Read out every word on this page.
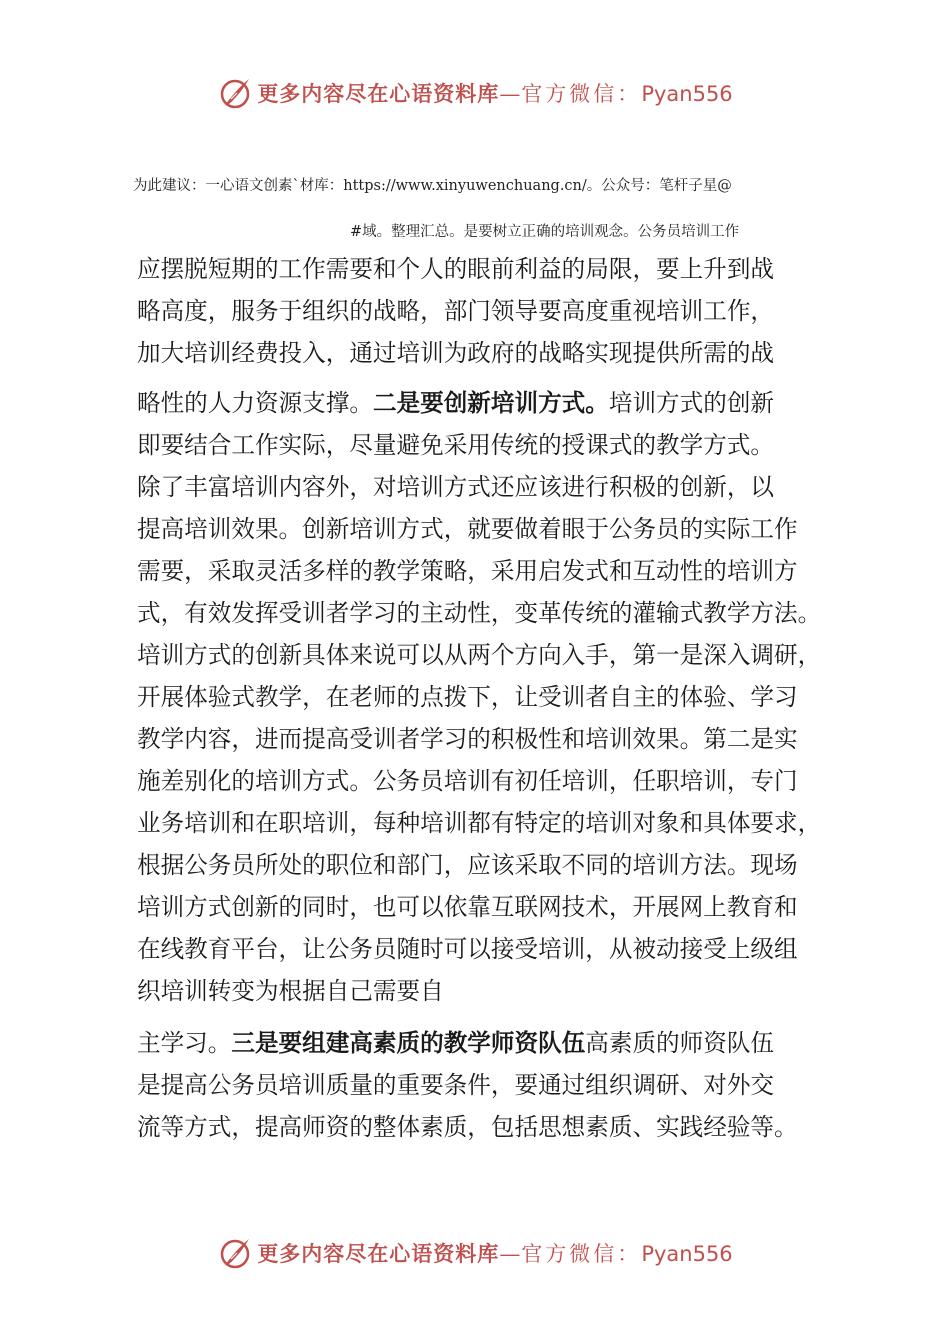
更多内容尽在心语资料库—官方微信：Pyan556
为此建议：一心语文创素`材库：https://www.xinyuwenchuang.cn/。公众号：笔杆子星@
#域。整理汇总。是要树立正确的培训观念。公务员培训工作
应摆脱短期的工作需要和个人的眼前利益的局限，要上升到战
略高度，服务于组织的战略，部门领导要高度重视培训工作，
加大培训经费投入，通过培训为政府的战略实现提供所需的战
略性的人力资源支撑。二是要创新培训方式。培训方式的创新
即要结合工作实际，尽量避免采用传统的授课式的教学方式。
除了丰富培训内容外，对培训方式还应该进行积极的创新，以
提高培训效果。创新培训方式，就要做着眼于公务员的实际工作
需要，采取灵活多样的教学策略，采用启发式和互动性的培训方
式，有效发挥受训者学习的主动性，变革传统的灌输式教学方法。
培训方式的创新具体来说可以从两个方向入手，第一是深入调研，
开展体验式教学，在老师的点拨下，让受训者自主的体验、学习
教学内容，进而提高受训者学习的积极性和培训效果。第二是实
施差别化的培训方式。公务员培训有初任培训，任职培训，专门
业务培训和在职培训，每种培训都有特定的培训对象和具体要求，
根据公务员所处的职位和部门，应该采取不同的培训方法。现场
培训方式创新的同时，也可以依靠互联网技术，开展网上教育和
在线教育平台，让公务员随时可以接受培训，从被动接受上级组
织培训转变为根据自己需要自
主学习。三是要组建高素质的教学师资队伍高素质的师资队伍
是提高公务员培训质量的重要条件，要通过组织调研、对外交
流等方式，提高师资的整体素质，包括思想素质、实践经验等。
更多内容尽在心语资料库—官方微信：Pyan556
